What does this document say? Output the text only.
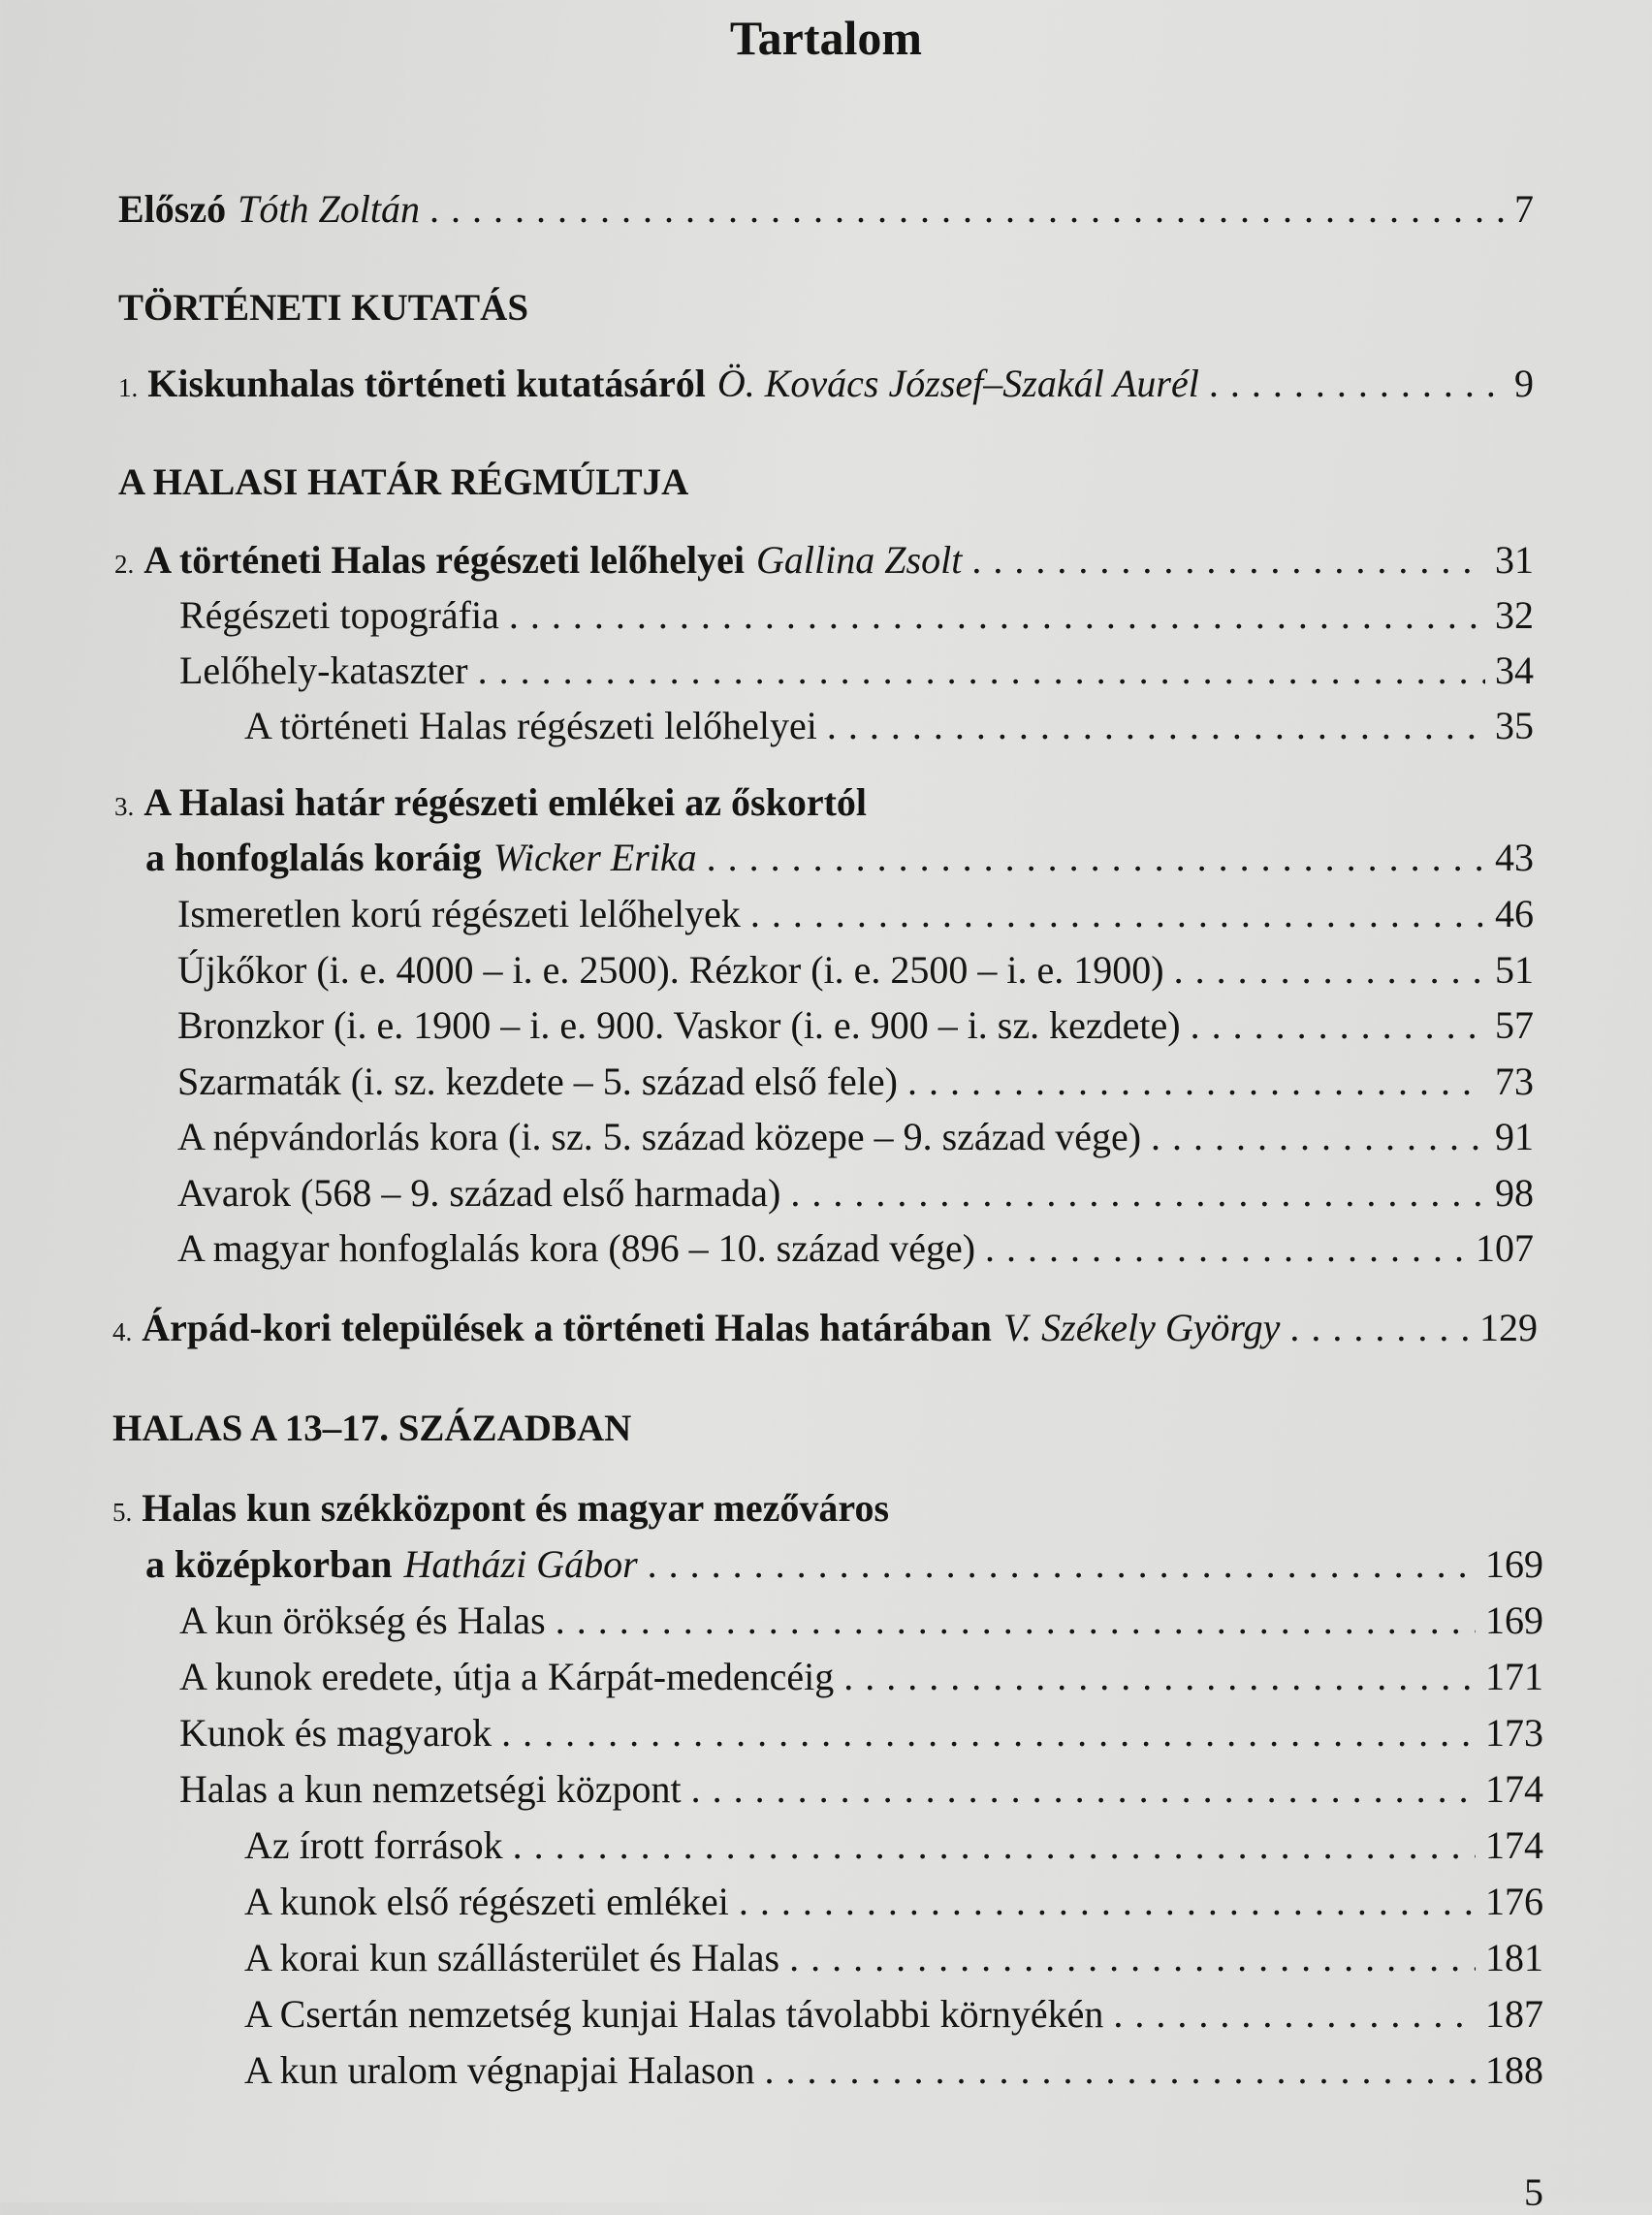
Tartalom
Előszó Tóth Zoltán . . .	7
TÖRTÉNETI KUTATÁS
1. Kiskunhalas történeti kutatásáról Ö. Kovács József–Szakál Aurél . . .	9
A HALASI HATÁR RÉGMÚLTJA
2. A történeti Halas régészeti lelőhelyei Gallina Zsolt . . .	31
Régészeti topográfia . . .	32
Lelőhely-kataszter . . .	34
A történeti Halas régészeti lelőhelyei . . .	35
3. A Halasi határ régészeti emlékei az őskortól
a honfoglalás koráig Wicker Erika . . .	43
Ismeretlen korú régészeti lelőhelyek . . .	46
Újkőkor (i. e. 4000 – i. e. 2500). Rézkor (i. e. 2500 – i. e. 1900) . . .	51
Bronzkor (i. e. 1900 – i. e. 900. Vaskor (i. e. 900 – i. sz. kezdete) . . .	57
Szarmaták (i. sz. kezdete – 5. század első fele) . . .	73
A népvándorlás kora (i. sz. 5. század közepe – 9. század vége) . . .	91
Avarok (568 – 9. század első harmada) . . .	98
A magyar honfoglalás kora (896 – 10. század vége) . . .	107
4. Árpád-kori települések a történeti Halas határában V. Székely György . . .	129
HALAS A 13–17. SZÁZADBAN
5. Halas kun székközpont és magyar mezőváros
a középkorban Hatházi Gábor . . .	169
A kun örökség és Halas . . .	169
A kunok eredete, útja a Kárpát-medencéig . . .	171
Kunok és magyarok . . .	173
Halas a kun nemzetségi központ . . .	174
Az írott források . . .	174
A kunok első régészeti emlékei . . .	176
A korai kun szállásterület és Halas . . .	181
A Csertán nemzetség kunjai Halas távolabbi környékén . . .	187
A kun uralom végnapjai Halason . . .	188
5
